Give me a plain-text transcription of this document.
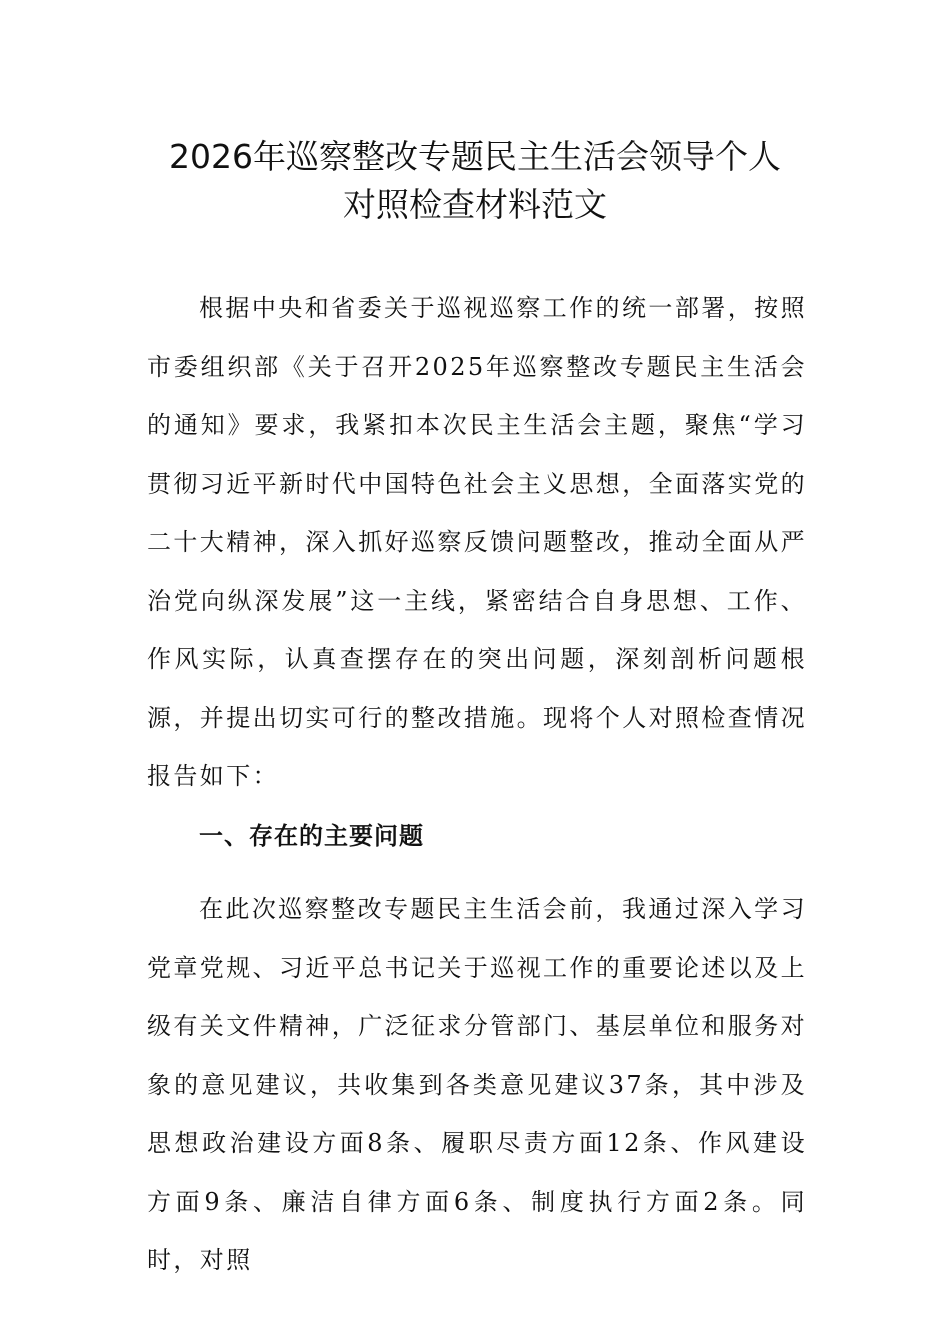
2026年巡察整改专题民主生活会领导个人
对照检查材料范文

根据中央和省委关于巡视巡察工作的统一部署，按照市委组织部《关于召开2025年巡察整改专题民主生活会的通知》要求，我紧扣本次民主生活会主题，聚焦“学习贯彻习近平新时代中国特色社会主义思想，全面落实党的二十大精神，深入抓好巡察反馈问题整改，推动全面从严治党向纵深发展”这一主线，紧密结合自身思想、工作、作风实际，认真查摆存在的突出问题，深刻剖析问题根源，并提出切实可行的整改措施。现将个人对照检查情况报告如下：

一、存在的主要问题

在此次巡察整改专题民主生活会前，我通过深入学习党章党规、习近平总书记关于巡视工作的重要论述以及上级有关文件精神，广泛征求分管部门、基层单位和服务对象的意见建议，共收集到各类意见建议37条，其中涉及思想政治建设方面8条、履职尽责方面12条、作风建设方面9条、廉洁自律方面6条、制度执行方面2条。同时，对照
